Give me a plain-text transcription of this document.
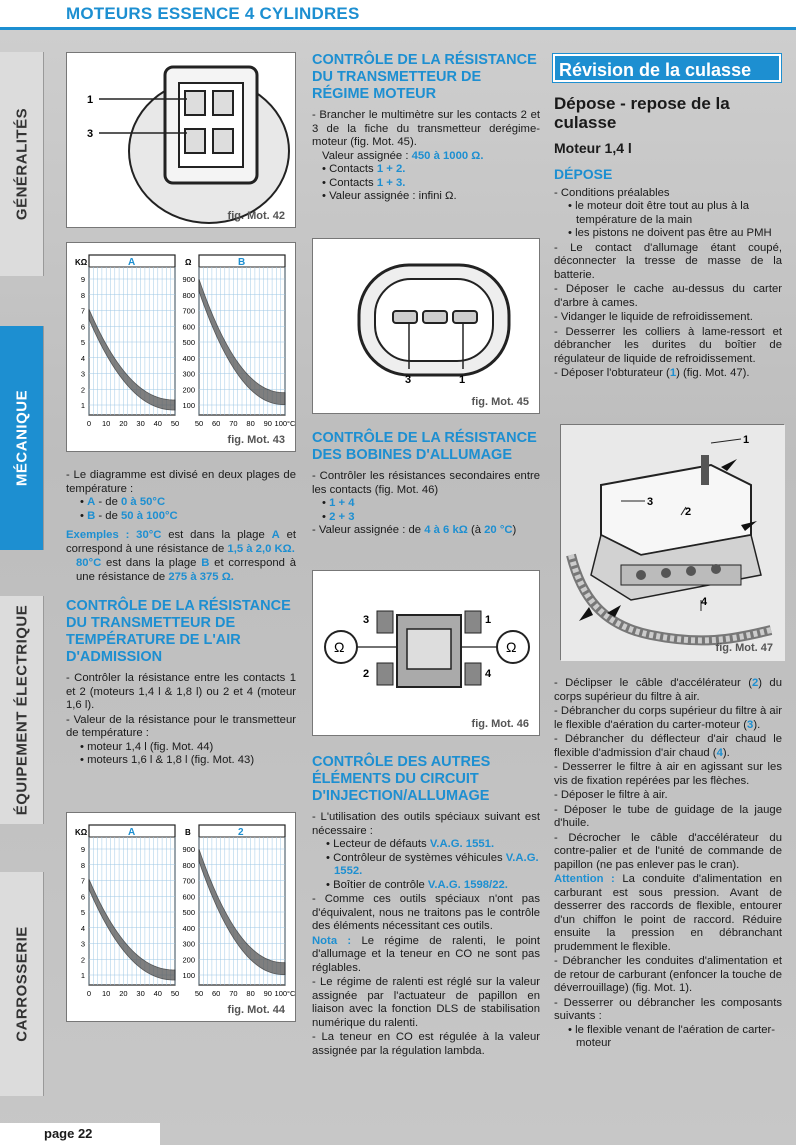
MOTEURS ESSENCE 4 CYLINDRES
GÉNÉRALITÉS
MÉCANIQUE
ÉQUIPEMENT ÉLECTRIQUE
CARROSSERIE
1
3
fig. Mot. 42
A
KΩ
9
8
7
6
5
4
3
2
1
0 10 20 30 40 50
B
Ω
900
800
700
600
500
400
300
200
100
50 60 70 80 90 100°C
fig. Mot. 43
- Le diagramme est divisé en deux plages de température :
• A - de 0 à 50°C
• B - de 50 à 100°C
Exemples : 30°C est dans la plage A et correspond à une résistance de 1,5 à 2,0 KΩ.
80°C est dans la plage B et correspond à une résistance de 275 à 375 Ω.
CONTRÔLE DE LA RÉSISTANCE DU TRANSMETTEUR DE TEMPÉRATURE DE L'AIR D'ADMISSION
- Contrôler la résistance entre les contacts 1 et 2 (moteurs 1,4 l & 1,8 l) ou 2 et 4 (moteur 1,6 l).
- Valeur de la résistance pour le transmetteur de température :
• moteur 1,4 l (fig. Mot. 44)
• moteurs 1,6 l & 1,8 l (fig. Mot. 43)
A
KΩ
9
8
7
6
5
4
3
2
1
0 10 20 30 40 50
2
B
900
800
700
600
500
400
300
200
100
50 60 70 80 90 100°C
fig. Mot. 44
CONTRÔLE DE LA RÉSISTANCE DU TRANSMETTEUR DE RÉGIME MOTEUR
- Brancher le multimètre sur les contacts 2 et 3 de la fiche du transmetteur derégime-moteur (fig. Mot. 45).
Valeur assignée : 450 à 1000 Ω.
• Contacts 1 + 2.
• Contacts 1 + 3.
• Valeur assignée : infini Ω.
3	1
fig. Mot. 45
CONTRÔLE DE LA RÉSISTANCE DES BOBINES D'ALLUMAGE
- Contrôler les résistances secondaires entre les contacts (fig. Mot. 46)
• 1 + 4
• 2 + 3
- Valeur assignée : de 4 à 6 kΩ (à 20 °C)
Ω	Ω
3	1
2	4
fig. Mot. 46
CONTRÔLE DES AUTRES ÉLÉMENTS DU CIRCUIT D'INJECTION/ALLUMAGE
- L'utilisation des outils spéciaux suivant est nécessaire :
• Lecteur de défauts V.A.G. 1551.
• Contrôleur de systèmes véhicules V.A.G. 1552.
• Boîtier de contrôle V.A.G. 1598/22.
- Comme ces outils spéciaux n'ont pas d'équivalent, nous ne traitons pas le contrôle des éléments nécessitant ces outils.
Nota : Le régime de ralenti, le point d'allumage et la teneur en CO ne sont pas réglables.
- Le régime de ralenti est réglé sur la valeur assignée par l'actuateur de papillon en liaison avec la fonction DLS de stabilisation numérique du ralenti.
- La teneur en CO est régulée à la valeur assignée par la régulation lambda.
Révision de la culasse
Dépose - repose de la culasse
Moteur 1,4 l
DÉPOSE
- Conditions préalables
• le moteur doit être tout au plus à la température de la main
• les pistons ne doivent pas être au PMH
- Le contact d'allumage étant coupé, déconnecter la tresse de masse de la batterie.
- Déposer le cache au-dessus du carter d'arbre à cames.
- Vidanger le liquide de refroidissement.
- Desserrer les colliers à lame-ressort et débrancher les durites du boîtier de régulateur de liquide de refroidissement.
- Déposer l'obturateur (1) (fig. Mot. 47).
1
2
3
4
fig. Mot. 47
- Déclipser le câble d'accélérateur (2) du corps supérieur du filtre à air.
- Débrancher du corps supérieur du filtre à air le flexible d'aération du carter-moteur (3).
- Débrancher du déflecteur d'air chaud le flexible d'admission d'air chaud (4).
- Desserrer le filtre à air en agissant sur les vis de fixation repérées par les flèches.
- Déposer le filtre à air.
- Déposer le tube de guidage de la jauge d'huile.
- Décrocher le câble d'accélérateur du contre-palier et de l'unité de commande de papillon (ne pas enlever pas le cran).
Attention : La conduite d'alimentation en carburant est sous pression. Avant de desserrer des raccords de flexible, entourer d'un chiffon le point de raccord. Réduire ensuite la pression en débranchant prudemment le flexible.
- Débrancher les conduites d'alimentation et de retour de carburant (enfoncer la touche de déverrouillage) (fig. Mot. 1).
- Desserrer ou débrancher les composants suivants :
• le flexible venant de l'aération de carter-moteur
page 22
